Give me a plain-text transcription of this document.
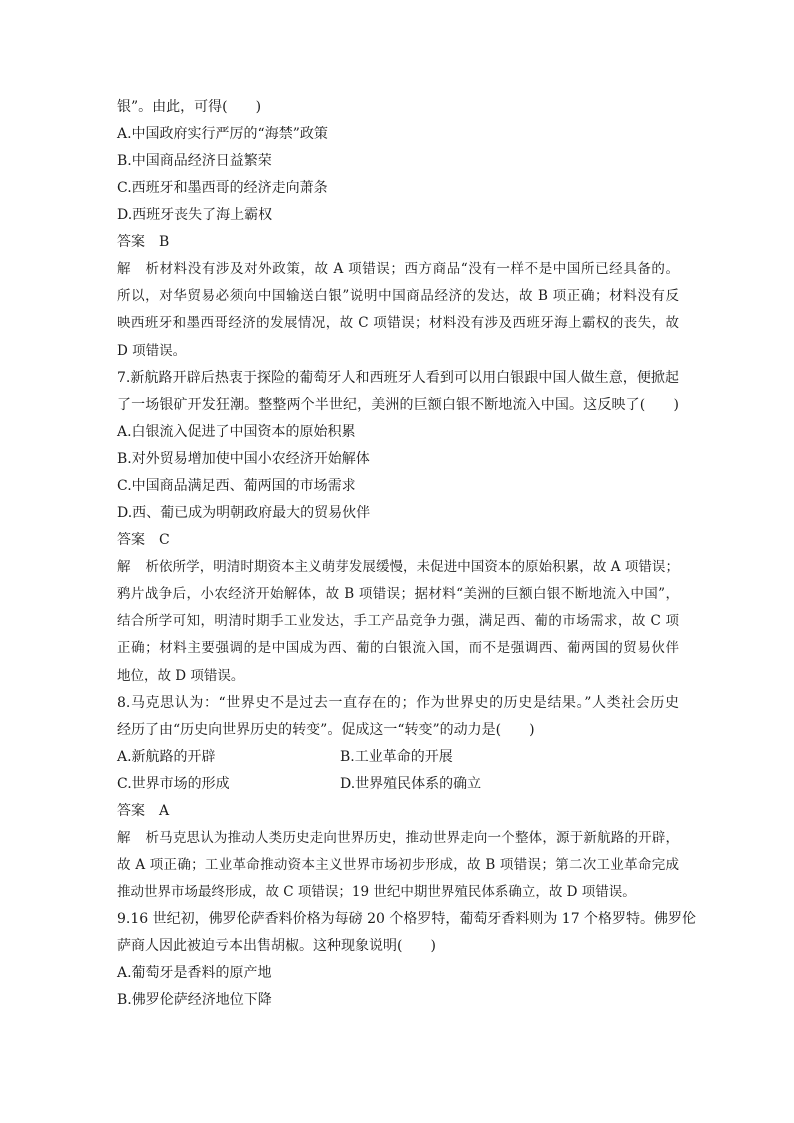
银”。由此，可得(　　)
A.中国政府实行严厉的“海禁”政策
B.中国商品经济日益繁荣
C.西班牙和墨西哥的经济走向萧条
D.西班牙丧失了海上霸权
答案 B
解析材料没有涉及对外政策，故 A 项错误；西方商品“没有一样不是中国所已经具备的。
所以，对华贸易必须向中国输送白银”说明中国商品经济的发达，故 B 项正确；材料没有反
映西班牙和墨西哥经济的发展情况，故 C 项错误；材料没有涉及西班牙海上霸权的丧失，故
D 项错误。
7.新航路开辟后热衷于探险的葡萄牙人和西班牙人看到可以用白银跟中国人做生意，便掀起
了一场银矿开发狂潮。整整两个半世纪，美洲的巨额白银不断地流入中国。这反映了(　　)
A.白银流入促进了中国资本的原始积累
B.对外贸易增加使中国小农经济开始解体
C.中国商品满足西、葡两国的市场需求
D.西、葡已成为明朝政府最大的贸易伙伴
答案 C
解析依所学，明清时期资本主义萌芽发展缓慢，未促进中国资本的原始积累，故 A 项错误；
鸦片战争后，小农经济开始解体，故 B 项错误；据材料“美洲的巨额白银不断地流入中国”，
结合所学可知，明清时期手工业发达，手工产品竞争力强，满足西、葡的市场需求，故 C 项
正确；材料主要强调的是中国成为西、葡的白银流入国，而不是强调西、葡两国的贸易伙伴
地位，故 D 项错误。
8.马克思认为：“世界史不是过去一直存在的；作为世界史的历史是结果。”人类社会历史
经历了由“历史向世界历史的转变”。促成这一“转变”的动力是(　　)
A.新航路的开辟	B.工业革命的开展
C.世界市场的形成	D.世界殖民体系的确立
答案 A
解析马克思认为推动人类历史走向世界历史，推动世界走向一个整体，源于新航路的开辟，
故 A 项正确；工业革命推动资本主义世界市场初步形成，故 B 项错误；第二次工业革命完成
推动世界市场最终形成，故 C 项错误；19 世纪中期世界殖民体系确立，故 D 项错误。
9.16 世纪初，佛罗伦萨香料价格为每磅 20 个格罗特，葡萄牙香料则为 17 个格罗特。佛罗伦
萨商人因此被迫亏本出售胡椒。这种现象说明(　　)
A.葡萄牙是香料的原产地
B.佛罗伦萨经济地位下降
